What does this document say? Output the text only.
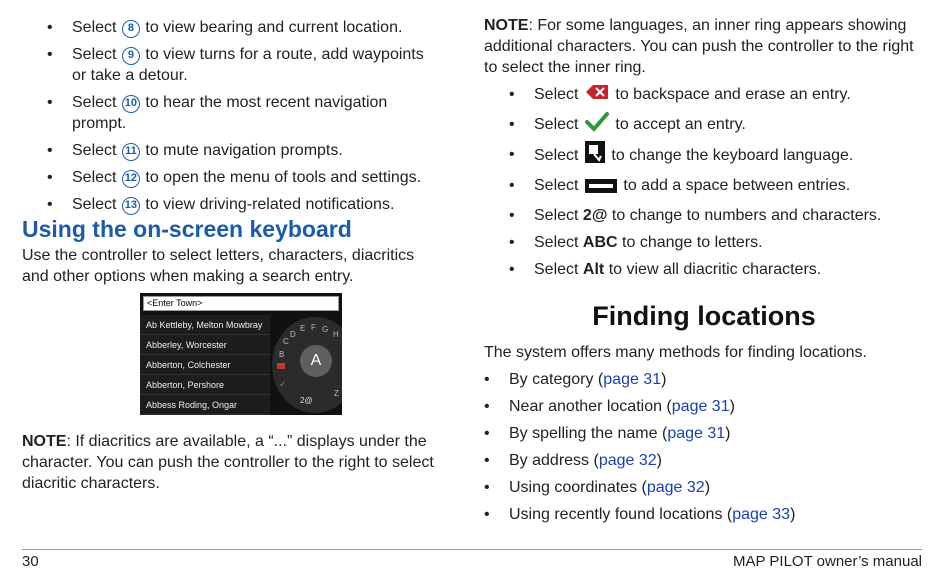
• Select 8 to view bearing and current location.
• Select 9 to view turns for a route, add waypoints or take a detour.
• Select 10 to hear the most recent navigation prompt.
• Select 11 to mute navigation prompts.
• Select 12 to open the menu of tools and settings.
• Select 13 to view driving-related notifications.
Using the on-screen keyboard

Use the controller to select letters, characters, diacritics and other options when making a search entry.

NOTE: If diacritics are available, a “...” displays under the character. You can push the controller to the right to select diacritic characters.

<Enter Town>
Ab Kettleby, Melton Mowbray
Abberley, Worcester
Abberton, Colchester
Abberton, Pershore
Abbess Roding, Ongar
A
C
D
E F G
H
B
Z
✓
2@

NOTE: For some languages, an inner ring appears showing additional characters. You can push the controller to the right to select the inner ring.

• Select to backspace and erase an entry.
• Select to accept an entry.
• Select to change the keyboard language.
• Select	to add a space between entries.
• Select 2@ to change to numbers and characters.
• Select ABC to change to letters.
• Select Alt to view all diacritic characters.
Finding locations

The system offers many methods for finding locations.

• By category (page 31)
• Near another location (page 31)
• By spelling the name (page 31)
• By address (page 32)
• Using coordinates (page 32)
• Using recently found locations (page 33)
30	MAP PILOT owner’s manual
